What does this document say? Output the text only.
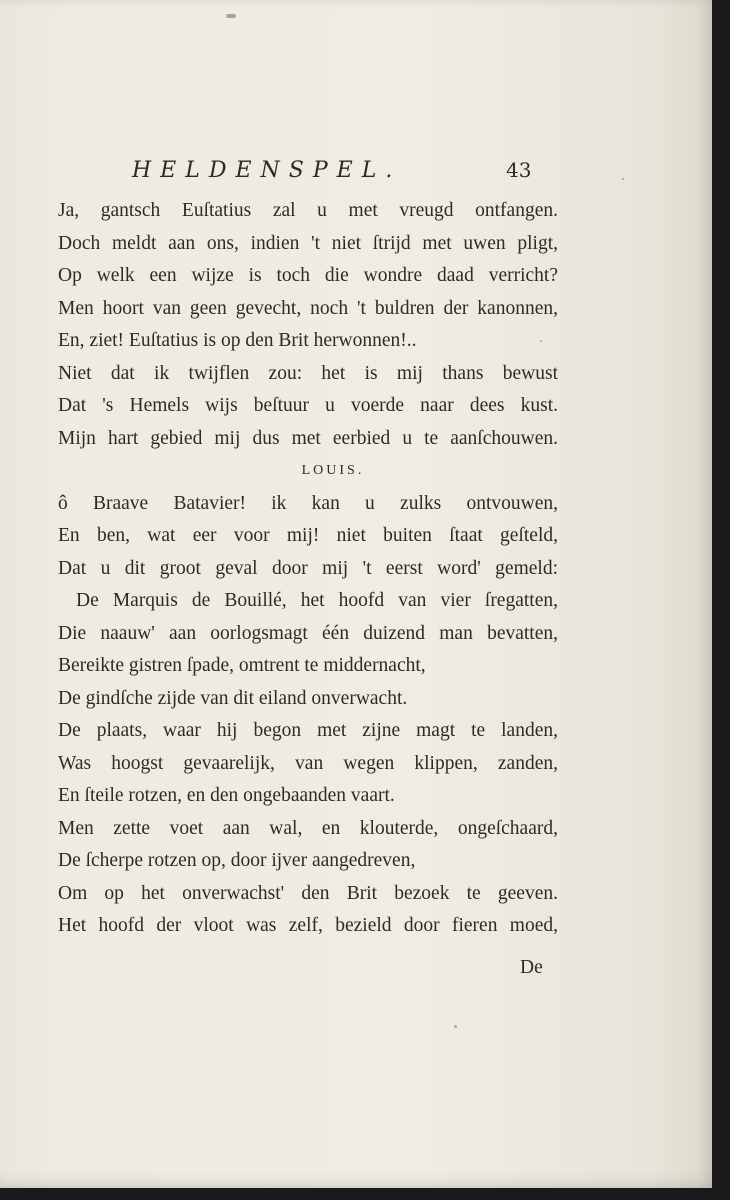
HELDENSPEL.	43
Ja, gantsch Euſtatius zal u met vreugd ontfangen.
Doch meldt aan ons, indien 't niet ſtrijd met uwen pligt,
Op welk een wijze is toch die wondre daad verricht?
Men hoort van geen gevecht, noch 't buldren der kanonnen,
En, ziet! Euſtatius is op den Brit herwonnen!..
Niet dat ik twijflen zou: het is mij thans bewust
Dat 's Hemels wijs beſtuur u voerde naar dees kust.
Mijn hart gebied mij dus met eerbied u te aanſchouwen.
LOUIS.
ô Braave Batavier! ik kan u zulks ontvouwen,
En ben, wat eer voor mij! niet buiten ſtaat geſteld,
Dat u dit groot geval door mij 't eerst word' gemeld:
De Marquis de Bouillé, het hoofd van vier ſregatten,
Die naauw' aan oorlogsmagt één duizend man bevatten,
Bereikte gistren ſpade, omtrent te middernacht,
De gindſche zijde van dit eiland onverwacht.
De plaats, waar hij begon met zijne magt te landen,
Was hoogst gevaarelijk, van wegen klippen, zanden,
En ſteile rotzen, en den ongebaanden vaart.
Men zette voet aan wal, en klouterde, ongeſchaard,
De ſcherpe rotzen op, door ijver aangedreven,
Om op het onverwachst' den Brit bezoek te geeven.
Het hoofd der vloot was zelf, bezield door fieren moed,
De
